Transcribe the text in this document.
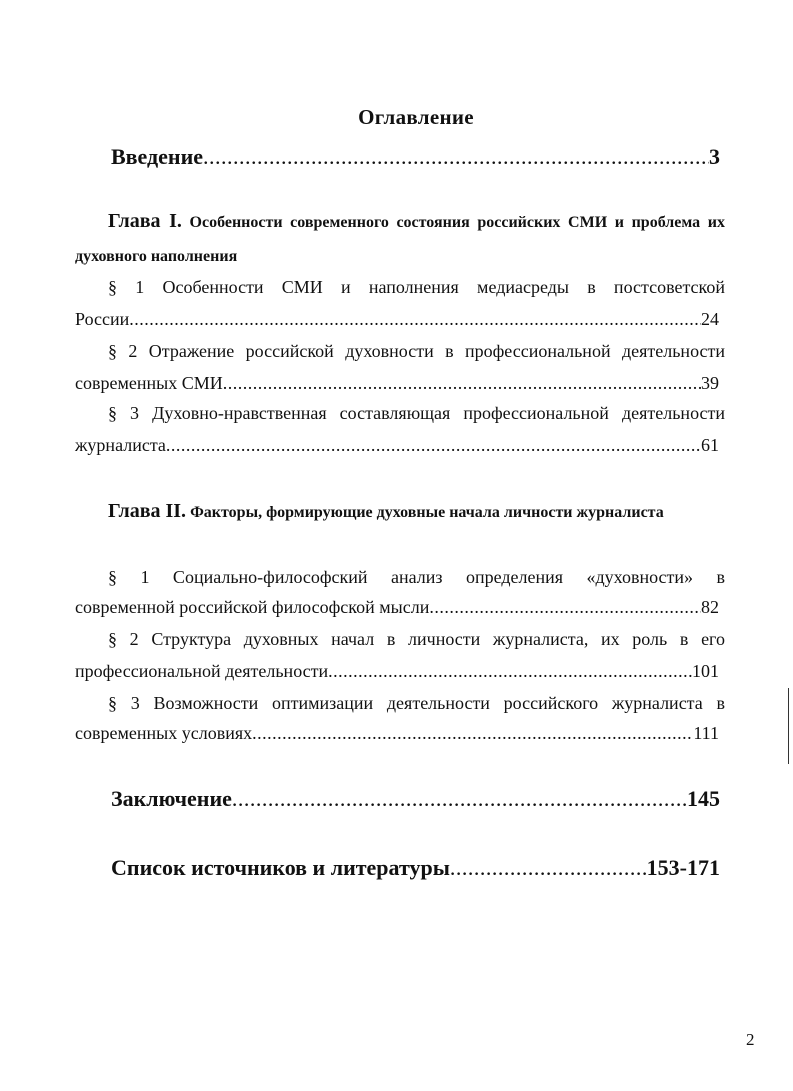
Оглавление
Введение .....	3
Глава I. Особенности современного состояния российских СМИ и проблема их духовного наполнения
§ 1 Особенности СМИ и наполнения медиасреды в постсоветской
России .....	24
§ 2 Отражение российской духовности в профессиональной деятельности
современных СМИ .....	39
§ 3 Духовно-нравственная составляющая профессиональной деятельности
журналиста .....	61
Глава II. Факторы, формирующие духовные начала личности журналиста
§ 1 Социально-философский анализ определения «духовности» в
современной российской философской мысли .....	82
§ 2 Структура духовных начал в личности журналиста, их роль в его
профессиональной деятельности .....	101
§ 3 Возможности оптимизации деятельности российского журналиста в
современных условиях .....	111
Заключение .....	145
Список источников и литературы .....	153-171
2
